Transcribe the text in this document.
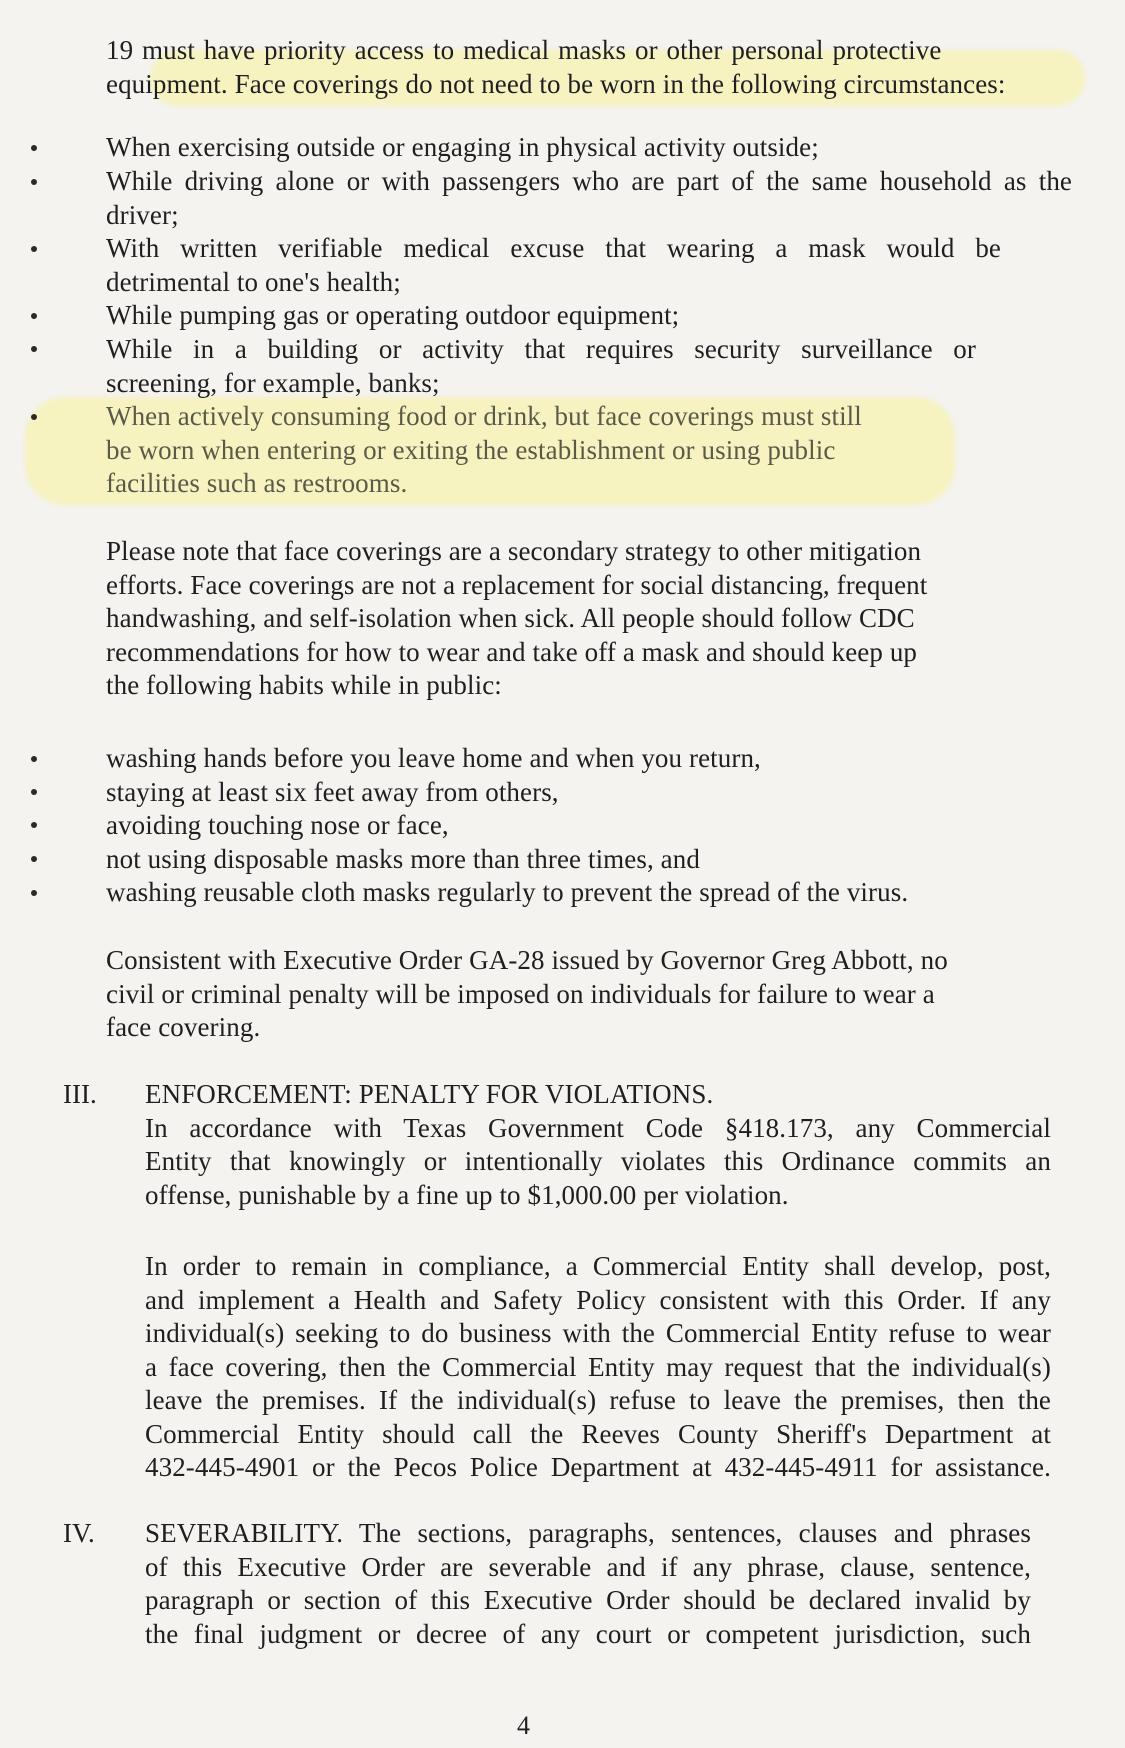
19 must have priority access to medical masks or other personal protective
equipment. Face coverings do not need to be worn in the following circumstances:
When exercising outside or engaging in physical activity outside;
While driving alone or with passengers who are part of the same household as the
driver;
With written verifiable medical excuse that wearing a mask would be
detrimental to one's health;
While pumping gas or operating outdoor equipment;
While in a building or activity that requires security surveillance or
screening, for example, banks;
When actively consuming food or drink, but face coverings must still
be worn when entering or exiting the establishment or using public
facilities such as restrooms.
Please note that face coverings are a secondary strategy to other mitigation
efforts. Face coverings are not a replacement for social distancing, frequent
handwashing, and self-isolation when sick. All people should follow CDC
recommendations for how to wear and take off a mask and should keep up
the following habits while in public:
washing hands before you leave home and when you return,
staying at least six feet away from others,
avoiding touching nose or face,
not using disposable masks more than three times, and
washing reusable cloth masks regularly to prevent the spread of the virus.
Consistent with Executive Order GA-28 issued by Governor Greg Abbott, no
civil or criminal penalty will be imposed on individuals for failure to wear a
face covering.
III. ENFORCEMENT: PENALTY FOR VIOLATIONS.
In accordance with Texas Government Code §418.173, any Commercial
Entity that knowingly or intentionally violates this Ordinance commits an
offense, punishable by a fine up to $1,000.00 per violation.
In order to remain in compliance, a Commercial Entity shall develop, post,
and implement a Health and Safety Policy consistent with this Order. If any
individual(s) seeking to do business with the Commercial Entity refuse to wear
a face covering, then the Commercial Entity may request that the individual(s)
leave the premises. If the individual(s) refuse to leave the premises, then the
Commercial Entity should call the Reeves County Sheriff's Department at
432-445-4901 or the Pecos Police Department at 432-445-4911 for assistance.
IV. SEVERABILITY. The sections, paragraphs, sentences, clauses and phrases
of this Executive Order are severable and if any phrase, clause, sentence,
paragraph or section of this Executive Order should be declared invalid by
the final judgment or decree of any court or competent jurisdiction, such
4
